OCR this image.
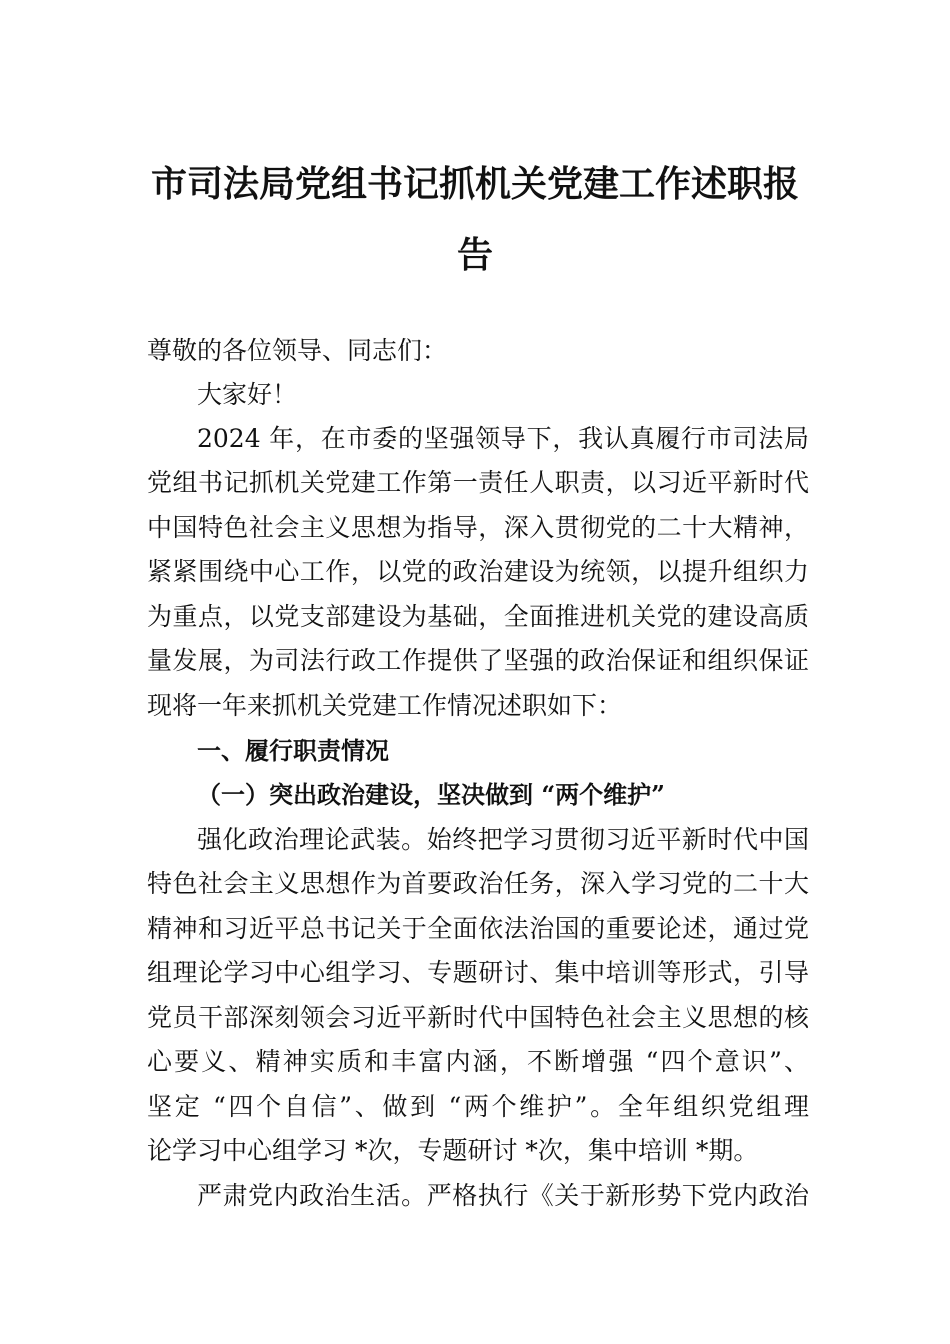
市司法局党组书记抓机关党建工作述职报
告

尊敬的各位领导、同志们：

大家好！

2024 年，在市委的坚强领导下，我认真履行市司法局

党组书记抓机关党建工作第一责任人职责，以习近平新时代

中国特色社会主义思想为指导，深入贯彻党的二十大精神，

紧紧围绕中心工作，以党的政治建设为统领，以提升组织力

为重点，以党支部建设为基础，全面推进机关党的建设高质

量发展，为司法行政工作提供了坚强的政治保证和组织保证

现将一年来抓机关党建工作情况述职如下：

一、履行职责情况
（一）突出政治建设，坚决做到 “两个维护”

强化政治理论武装。始终把学习贯彻习近平新时代中国

特色社会主义思想作为首要政治任务，深入学习党的二十大

精神和习近平总书记关于全面依法治国的重要论述，通过党

组理论学习中心组学习、专题研讨、集中培训等形式，引导

党员干部深刻领会习近平新时代中国特色社会主义思想的核

心要义、精神实质和丰富内涵，不断增强 “四个意识”、

坚定 “四个自信”、做到 “两个维护”。全年组织党组理

论学习中心组学习 *次，专题研讨 *次，集中培训 *期。

严肃党内政治生活。严格执行《关于新形势下党内政治
